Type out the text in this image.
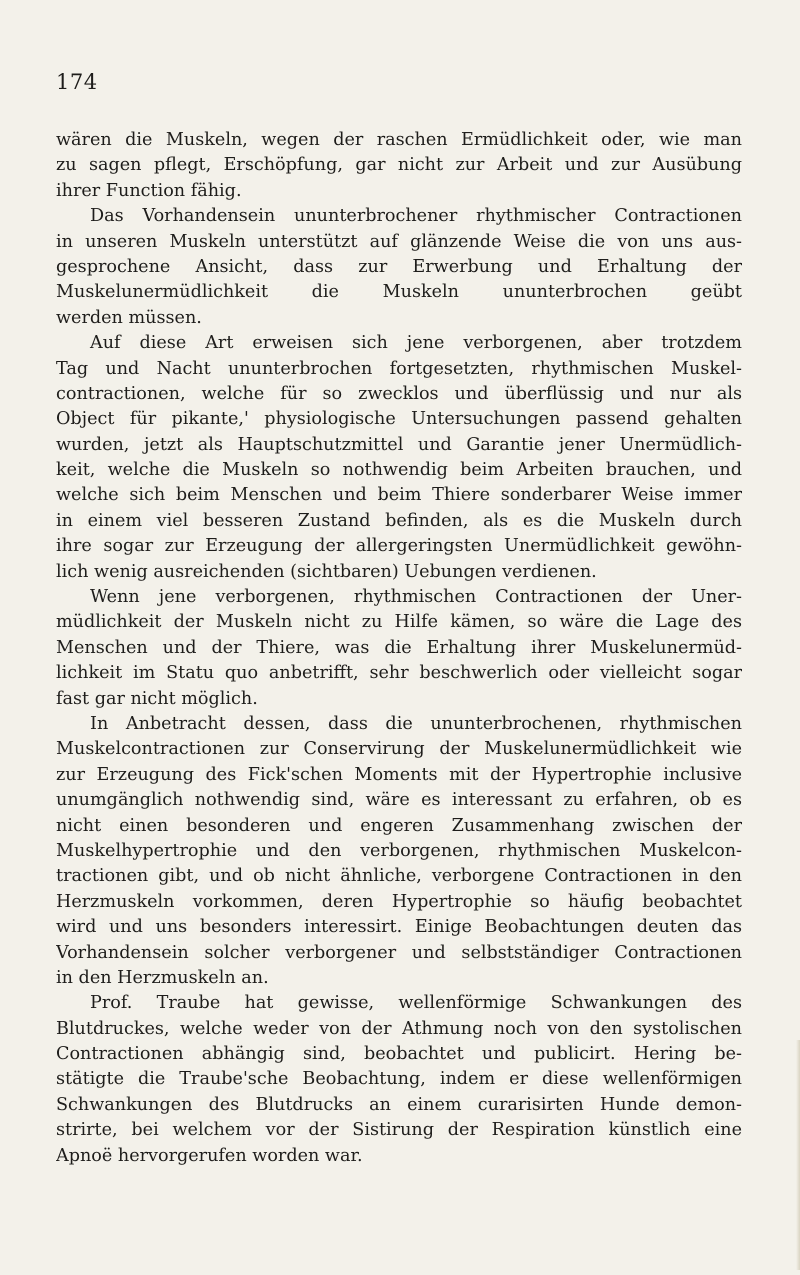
174
wären die Muskeln, wegen der raschen Ermüdlichkeit oder, wie man
zu sagen pflegt, Erschöpfung, gar nicht zur Arbeit und zur Ausübung
ihrer Function fähig.
Das Vorhandensein ununterbrochener rhythmischer Contractionen
in unseren Muskeln unterstützt auf glänzende Weise die von uns aus-
gesprochene Ansicht, dass zur Erwerbung und Erhaltung der
Muskelunermüdlichkeit die Muskeln ununterbrochen geübt
werden müssen.
Auf diese Art erweisen sich jene verborgenen, aber trotzdem
Tag und Nacht ununterbrochen fortgesetzten, rhythmischen Muskel-
contractionen, welche für so zwecklos und überflüssig und nur als
Object für pikante,' physiologische Untersuchungen passend gehalten
wurden, jetzt als Hauptschutzmittel und Garantie jener Unermüdlich-
keit, welche die Muskeln so nothwendig beim Arbeiten brauchen, und
welche sich beim Menschen und beim Thiere sonderbarer Weise immer
in einem viel besseren Zustand befinden, als es die Muskeln durch
ihre sogar zur Erzeugung der allergeringsten Unermüdlichkeit gewöhn-
lich wenig ausreichenden (sichtbaren) Uebungen verdienen.
Wenn jene verborgenen, rhythmischen Contractionen der Uner-
müdlichkeit der Muskeln nicht zu Hilfe kämen, so wäre die Lage des
Menschen und der Thiere, was die Erhaltung ihrer Muskelunermüd-
lichkeit im Statu quo anbetrifft, sehr beschwerlich oder vielleicht sogar
fast gar nicht möglich.
In Anbetracht dessen, dass die ununterbrochenen, rhythmischen
Muskelcontractionen zur Conservirung der Muskelunermüdlichkeit wie
zur Erzeugung des Fick'schen Moments mit der Hypertrophie inclusive
unumgänglich nothwendig sind, wäre es interessant zu erfahren, ob es
nicht einen besonderen und engeren Zusammenhang zwischen der
Muskelhypertrophie und den verborgenen, rhythmischen Muskelcon-
tractionen gibt, und ob nicht ähnliche, verborgene Contractionen in den
Herzmuskeln vorkommen, deren Hypertrophie so häufig beobachtet
wird und uns besonders interessirt. Einige Beobachtungen deuten das
Vorhandensein solcher verborgener und selbstständiger Contractionen
in den Herzmuskeln an.
Prof. Traube hat gewisse, wellenförmige Schwankungen des
Blutdruckes, welche weder von der Athmung noch von den systolischen
Contractionen abhängig sind, beobachtet und publicirt. Hering be-
stätigte die Traube'sche Beobachtung, indem er diese wellenförmigen
Schwankungen des Blutdrucks an einem curarisirten Hunde demon-
strirte, bei welchem vor der Sistirung der Respiration künstlich eine
Apnoë hervorgerufen worden war.
